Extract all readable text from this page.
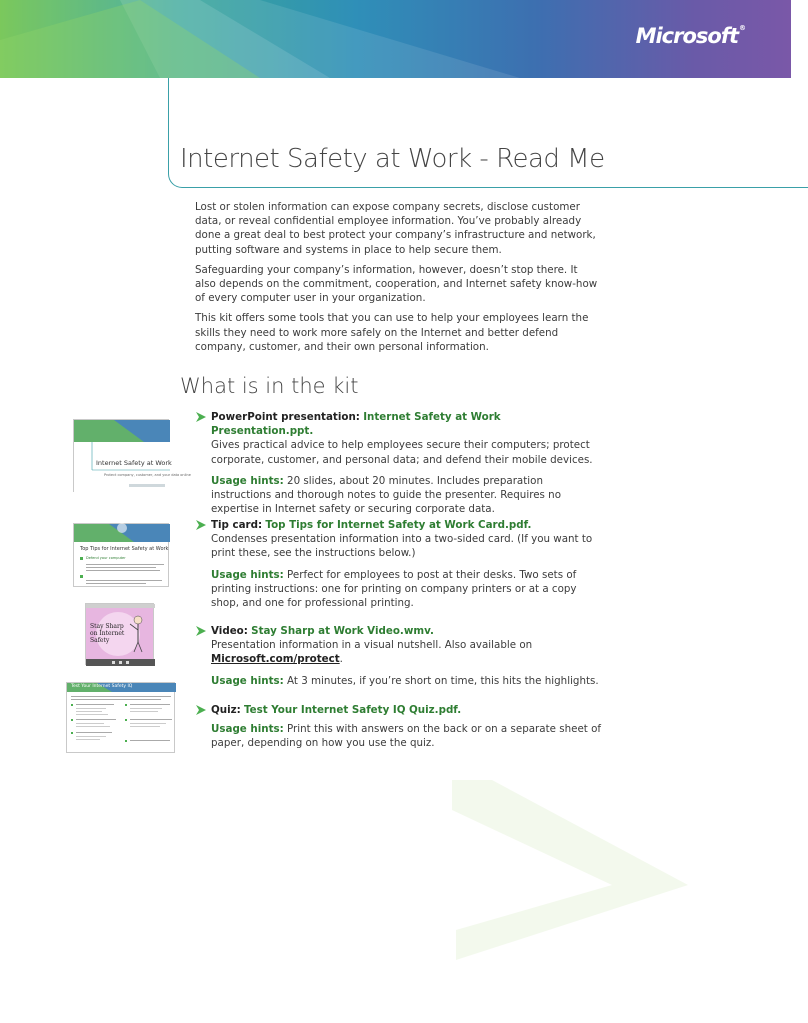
Microsoft®
Internet Safety at Work - Read Me

Lost or stolen information can expose company secrets, disclose customer data, or reveal confidential employee information. You’ve probably already done a great deal to best protect your company’s infrastructure and network, putting software and systems in place to help secure them.

Safeguarding your company’s information, however, doesn’t stop there. It also depends on the commitment, cooperation, and Internet safety know-how of every computer user in your organization.

This kit offers some tools that you can use to help your employees learn the skills they need to work more safely on the Internet and better defend company, customer, and their own personal information.

What is in the kit
Internet Safety at Work
Protect company, customer, and your data online
Top Tips for Internet Safety at Work
Defend your computer
Stay Sharp on Internet Safety
Test Your Internet Safety IQ
PowerPoint presentation: Internet Safety at Work Presentation.ppt.
Gives practical advice to help employees secure their computers; protect corporate, customer, and personal data; and defend their mobile devices.
Usage hints: 20 slides, about 20 minutes. Includes preparation instructions and thorough notes to guide the presenter. Requires no expertise in Internet safety or securing corporate data.
Tip card: Top Tips for Internet Safety at Work Card.pdf.
Condenses presentation information into a two-sided card. (If you want to print these, see the instructions below.)
Usage hints: Perfect for employees to post at their desks. Two sets of printing instructions: one for printing on company printers or at a copy shop, and one for professional printing.
Video: Stay Sharp at Work Video.wmv.
Presentation information in a visual nutshell. Also available on
Microsoft.com/protect.
Usage hints: At 3 minutes, if you’re short on time, this hits the highlights.
Quiz: Test Your Internet Safety IQ Quiz.pdf.
Usage hints: Print this with answers on the back or on a separate sheet of paper, depending on how you use the quiz.
